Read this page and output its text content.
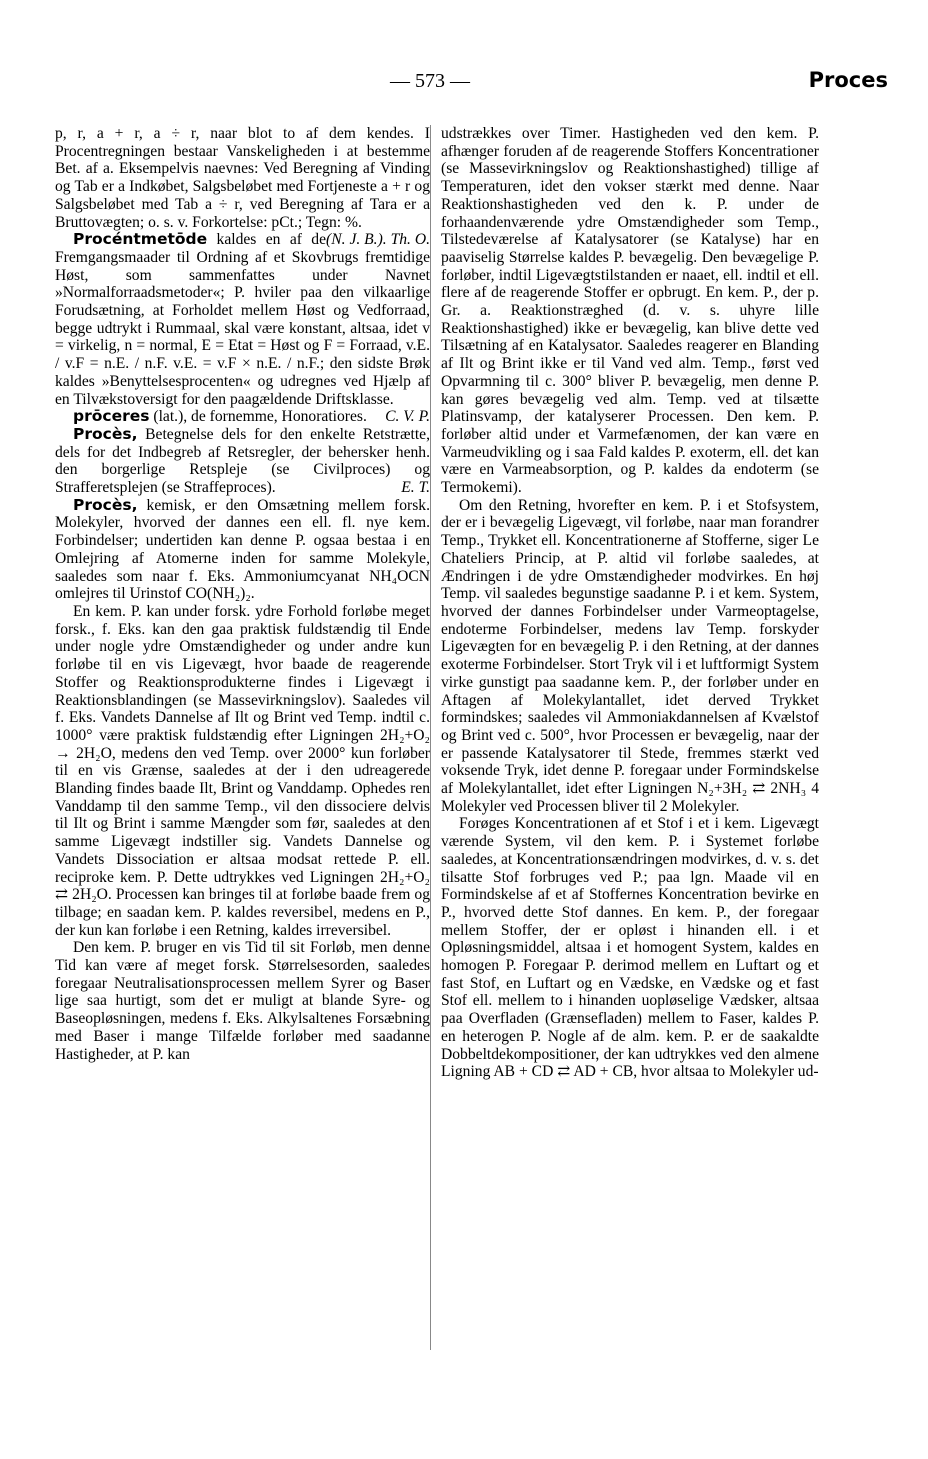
— 573 —	Proces

p, r, a + r, a ÷ r, naar blot to af dem kendes. I Procentregningen bestaar Vanskeligheden i at bestemme Bet. af a. Eksempelvis naevnes: Ved Beregning af Vinding og Tab er a Indkøbet, Salgsbeløbet med Fortjeneste a + r og Salgsbeløbet med Tab a ÷ r, ved Beregning af Tara er a Bruttovægten; o. s. v. Forkortelse: pCt.; Tegn: %.
(N. J. B.). Th. O.

Procéntmetōde kaldes en af de Fremgangsmaader til Ordning af et Skovbrugs fremtidige Høst, som sammenfattes under Navnet »Normalforraadsmetoder«; P. hviler paa den vilkaarlige Forudsætning, at Forholdet mellem Høst og Vedforraad, begge udtrykt i Rummaal, skal være konstant, altsaa, idet v = virkelig, n = normal, E = Etat = Høst og F = Forraad, v.E. / v.F = n.E. / n.F. v.E. = v.F × n.E. / n.F.; den sidste Brøk kaldes »Benyttelsesprocenten« og udregnes ved Hjælp af en Tilvækstoversigt for den paagældende Driftsklasse.
C. V. P.

prōceres (lat.), de fornemme, Honoratiores.

Procès, Betegnelse dels for den enkelte Retstrætte, dels for det Indbegreb af Retsregler, der behersker henh. den borgerlige Retspleje (se Civilproces) og Strafferetsplejen (se Straffeproces).	E. T.

Procès, kemisk, er den Omsætning mellem forsk. Molekyler, hvorved der dannes een ell. fl. nye kem. Forbindelser; undertiden kan denne P. ogsaa bestaa i en Omlejring af Atomerne inden for samme Molekyle, saaledes som naar f. Eks. Ammoniumcyanat NH₄OCN omlejres til Urinstof CO(NH₂)₂.

En kem. P. kan under forsk. ydre Forhold forløbe meget forsk., f. Eks. kan den gaa praktisk fuldstændig til Ende under nogle ydre Omstændigheder og under andre kun forløbe til en vis Ligevægt, hvor baade de reagerende Stoffer og Reaktionsprodukterne findes i Ligevægt i Reaktionsblandingen (se Massevirkningslov). Saaledes vil f. Eks. Vandets Dannelse af Ilt og Brint ved Temp. indtil c. 1000° være praktisk fuldstændig efter Ligningen 2H₂+O₂ → 2H₂O, medens den ved Temp. over 2000° kun forløber til en vis Grænse, saaledes at der i den udreagerede Blanding findes baade Ilt, Brint og Vanddamp. Ophedes ren Vanddamp til den samme Temp., vil den dissociere delvis til Ilt og Brint i samme Mængder som før, saaledes at den samme Ligevægt indstiller sig. Vandets Dannelse og Vandets Dissociation er altsaa modsat rettede P. ell. reciproke kem. P. Dette udtrykkes ved Ligningen 2H₂+O₂ ⇄ 2H₂O. Processen kan bringes til at forløbe baade frem og tilbage; en saadan kem. P. kaldes reversibel, medens en P., der kun kan forløbe i een Retning, kaldes irreversibel.

Den kem. P. bruger en vis Tid til sit Forløb, men denne Tid kan være af meget forsk. Størrelsesorden, saaledes foregaar Neutralisationsprocessen mellem Syrer og Baser lige saa hurtigt, som det er muligt at blande Syre- og Baseopløsningen, medens f. Eks. Alkylsaltenes Forsæbning med Baser i mange Tilfælde forløber med saadanne Hastigheder, at P. kan

udstrækkes over Timer. Hastigheden ved den kem. P. afhænger foruden af de reagerende Stoffers Koncentrationer (se Massevirkningslov og Reaktionshastighed) tillige af Temperaturen, idet den vokser stærkt med denne. Naar Reaktionshastigheden ved den k. P. under de forhaandenværende ydre Omstændigheder som Temp., Tilstedeværelse af Katalysatorer (se Katalyse) har en paaviselig Størrelse kaldes P. bevægelig. Den bevægelige P. forløber, indtil Ligevægtstilstanden er naaet, ell. indtil et ell. flere af de reagerende Stoffer er opbrugt. En kem. P., der p. Gr. a. Reaktionstræghed (d. v. s. uhyre lille Reaktionshastighed) ikke er bevægelig, kan blive dette ved Tilsætning af en Katalysator. Saaledes reagerer en Blanding af Ilt og Brint ikke er til Vand ved alm. Temp., først ved Opvarmning til c. 300° bliver P. bevægelig, men denne P. kan gøres bevægelig ved alm. Temp. ved at tilsætte Platinsvamp, der katalyserer Processen. Den kem. P. forløber altid under et Varmefænomen, der kan være en Varmeudvikling og i saa Fald kaldes P. exoterm, ell. det kan være en Varmeabsorption, og P. kaldes da endoterm (se Termokemi).

Om den Retning, hvorefter en kem. P. i et Stofsystem, der er i bevægelig Ligevægt, vil forløbe, naar man forandrer Temp., Trykket ell. Koncentrationerne af Stofferne, siger Le Chateliers Princip, at P. altid vil forløbe saaledes, at Ændringen i de ydre Omstændigheder modvirkes. En høj Temp. vil saaledes begunstige saadanne P. i et kem. System, hvorved der dannes Forbindelser under Varmeoptagelse, endoterme Forbindelser, medens lav Temp. forskyder Ligevægten for en bevægelig P. i den Retning, at der dannes exoterme Forbindelser. Stort Tryk vil i et luftformigt System virke gunstigt paa saadanne kem. P., der forløber under en Aftagen af Molekylantallet, idet derved Trykket formindskes; saaledes vil Ammoniakdannelsen af Kvælstof og Brint ved c. 500°, hvor Processen er bevægelig, naar der er passende Katalysatorer til Stede, fremmes stærkt ved voksende Tryk, idet denne P. foregaar under Formindskelse af Molekylantallet, idet efter Ligningen N₂+3H₂ ⇄ 2NH₃ 4 Molekyler ved Processen bliver til 2 Molekyler.

Forøges Koncentrationen af et Stof i et i kem. Ligevægt værende System, vil den kem. P. i Systemet forløbe saaledes, at Koncentrationsændringen modvirkes, d. v. s. det tilsatte Stof forbruges ved P.; paa lgn. Maade vil en Formindskelse af et af Stoffernes Koncentration bevirke en P., hvorved dette Stof dannes. En kem. P., der foregaar mellem Stoffer, der er opløst i hinanden ell. i et Opløsningsmiddel, altsaa i et homogent System, kaldes en homogen P. Foregaar P. derimod mellem en Luftart og et fast Stof, en Luftart og en Vædske, en Vædske og et fast Stof ell. mellem to i hinanden uopløselige Vædsker, altsaa paa Overfladen (Grænsefladen) mellem to Faser, kaldes P. en heterogen P. Nogle af de alm. kem. P. er de saakaldte Dobbeltdekompositioner, der kan udtrykkes ved den almene Ligning AB + CD ⇄ AD + CB, hvor altsaa to Molekyler ud-
